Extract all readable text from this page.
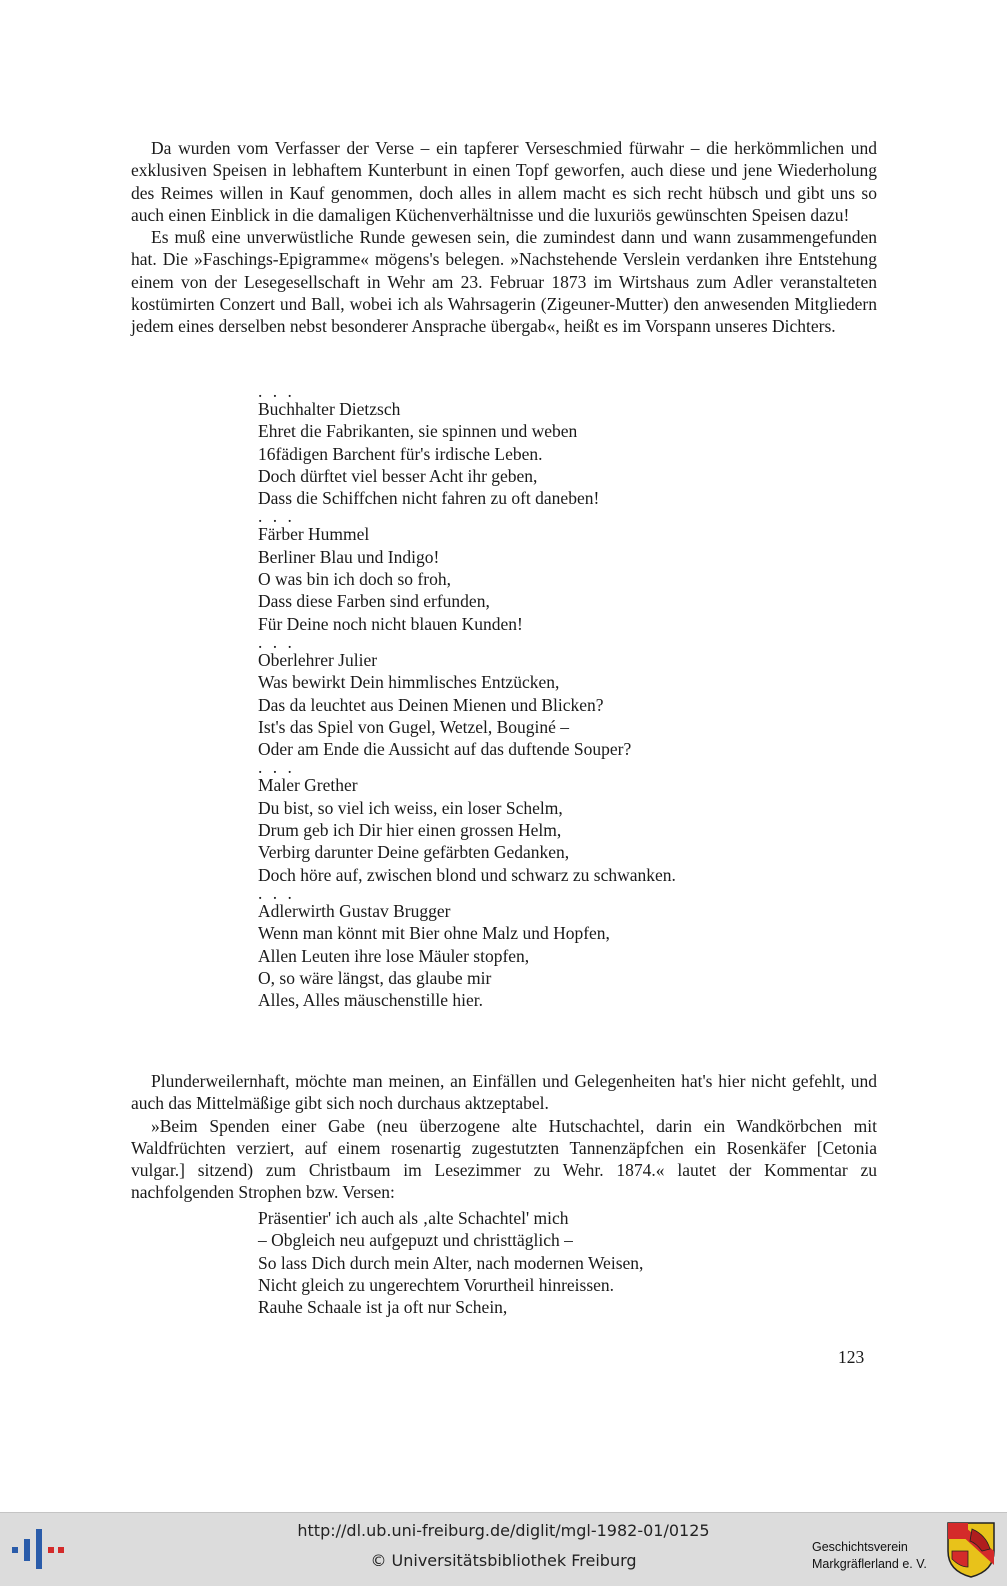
Da wurden vom Verfasser der Verse – ein tapferer Verseschmied fürwahr – die herkömmlichen und exklusiven Speisen in lebhaftem Kunterbunt in einen Topf geworfen, auch diese und jene Wiederholung des Reimes willen in Kauf genommen, doch alles in allem macht es sich recht hübsch und gibt uns so auch einen Einblick in die damaligen Küchenverhältnisse und die luxuriös gewünschten Speisen dazu!

Es muß eine unverwüstliche Runde gewesen sein, die zumindest dann und wann zusammengefunden hat. Die »Faschings-Epigramme« mögens's belegen. »Nachstehende Verslein verdanken ihre Entstehung einem von der Lesegesellschaft in Wehr am 23. Februar 1873 im Wirtshaus zum Adler veranstalteten kostümirten Conzert und Ball, wobei ich als Wahrsagerin (Zigeuner-Mutter) den anwesenden Mitgliedern jedem eines derselben nebst besonderer Ansprache übergab«, heißt es im Vorspann unseres Dichters.

. . .
Buchhalter Dietzsch
Ehret die Fabrikanten, sie spinnen und weben
16fädigen Barchent für's irdische Leben.
Doch dürftet viel besser Acht ihr geben,
Dass die Schiffchen nicht fahren zu oft daneben!
. . .
Färber Hummel
Berliner Blau und Indigo!
O was bin ich doch so froh,
Dass diese Farben sind erfunden,
Für Deine noch nicht blauen Kunden!
. . .
Oberlehrer Julier
Was bewirkt Dein himmlisches Entzücken,
Das da leuchtet aus Deinen Mienen und Blicken?
Ist's das Spiel von Gugel, Wetzel, Bouginé –
Oder am Ende die Aussicht auf das duftende Souper?
. . .
Maler Grether
Du bist, so viel ich weiss, ein loser Schelm,
Drum geb ich Dir hier einen grossen Helm,
Verbirg darunter Deine gefärbten Gedanken,
Doch höre auf, zwischen blond und schwarz zu schwanken.
. . .
Adlerwirth Gustav Brugger
Wenn man könnt mit Bier ohne Malz und Hopfen,
Allen Leuten ihre lose Mäuler stopfen,
O, so wäre längst, das glaube mir
Alles, Alles mäuschenstille hier.

Plunderweilernhaft, möchte man meinen, an Einfällen und Gelegenheiten hat's hier nicht gefehlt, und auch das Mittelmäßige gibt sich noch durchaus aktzeptabel.

»Beim Spenden einer Gabe (neu überzogene alte Hutschachtel, darin ein Wandkörbchen mit Waldfrüchten verziert, auf einem rosenartig zugestutzten Tannenzäpfchen ein Rosenkäfer [Cetonia vulgar.] sitzend) zum Christbaum im Lesezimmer zu Wehr. 1874.« lautet der Kommentar zu nachfolgenden Strophen bzw. Versen:

Präsentier' ich auch als ‚alte Schachtel' mich
– Obgleich neu aufgepuzt und christtäglich –
So lass Dich durch mein Alter, nach modernen Weisen,
Nicht gleich zu ungerechtem Vorurtheil hinreissen.
Rauhe Schaale ist ja oft nur Schein,
123
http://dl.ub.uni-freiburg.de/diglit/mgl-1982-01/0125
© Universitätsbibliothek Freiburg
Geschichtsverein
Markgräflerland e. V.
